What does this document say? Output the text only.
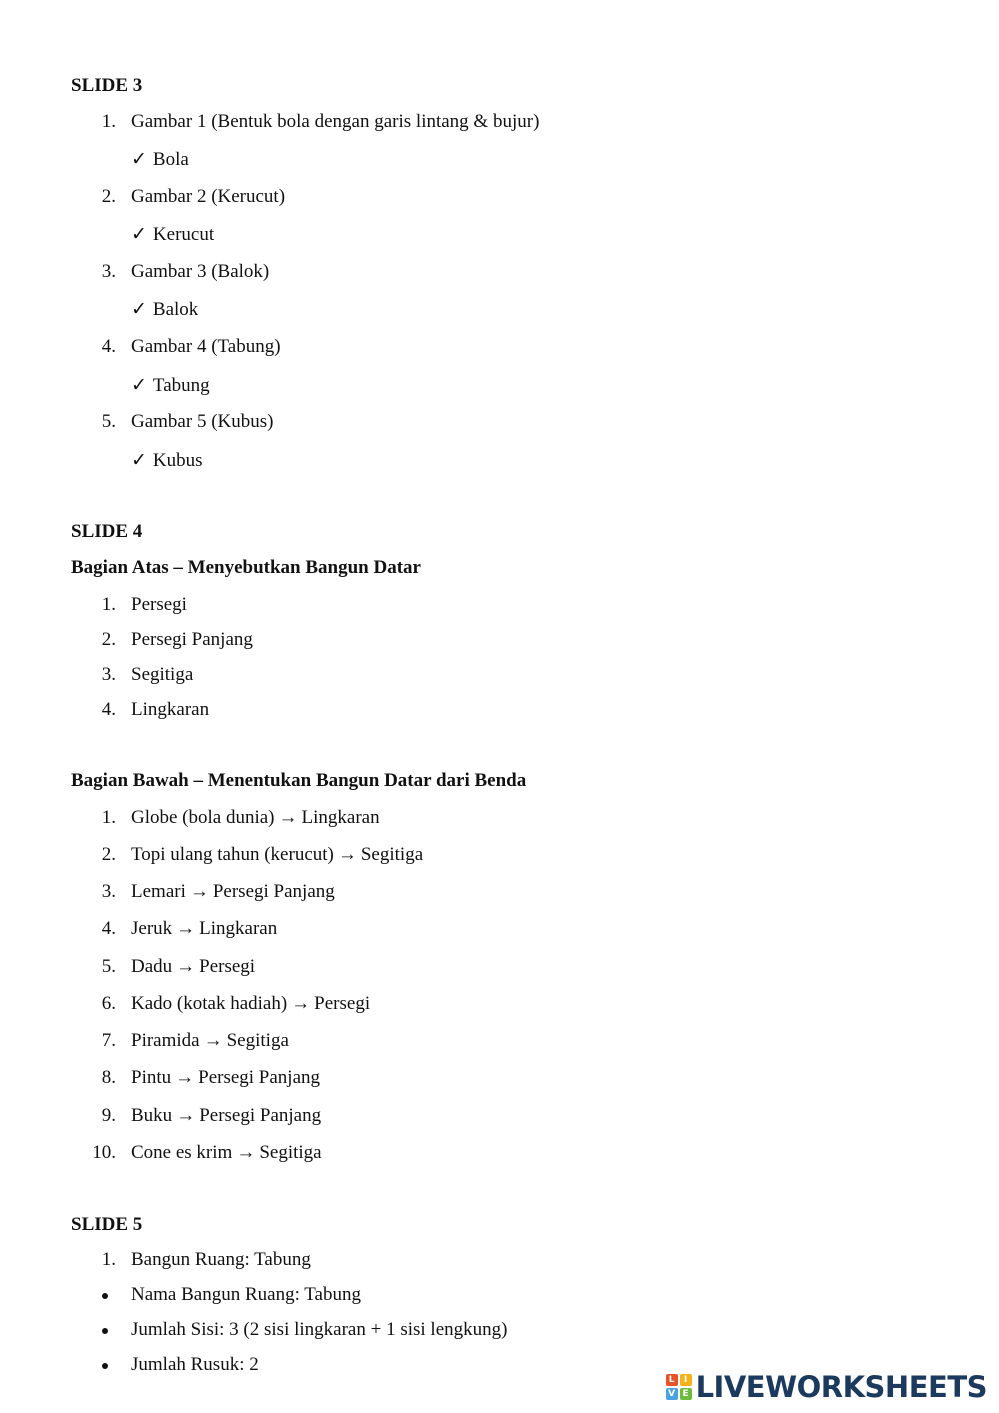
SLIDE 3
1. Gambar 1 (Bentuk bola dengan garis lintang & bujur)
✓ Bola
2. Gambar 2 (Kerucut)
✓ Kerucut
3. Gambar 3 (Balok)
✓ Balok
4. Gambar 4 (Tabung)
✓ Tabung
5. Gambar 5 (Kubus)
✓ Kubus
SLIDE 4
Bagian Atas – Menyebutkan Bangun Datar
1. Persegi
2. Persegi Panjang
3. Segitiga
4. Lingkaran
Bagian Bawah – Menentukan Bangun Datar dari Benda
1. Globe (bola dunia) → Lingkaran
2. Topi ulang tahun (kerucut) → Segitiga
3. Lemari → Persegi Panjang
4. Jeruk → Lingkaran
5. Dadu → Persegi
6. Kado (kotak hadiah) → Persegi
7. Piramida → Segitiga
8. Pintu → Persegi Panjang
9. Buku → Persegi Panjang
10. Cone es krim → Segitiga
SLIDE 5
1. Bangun Ruang: Tabung
Nama Bangun Ruang: Tabung
Jumlah Sisi: 3 (2 sisi lingkaran + 1 sisi lengkung)
Jumlah Rusuk: 2
L	I
V E LIVEWORKSHEETS
